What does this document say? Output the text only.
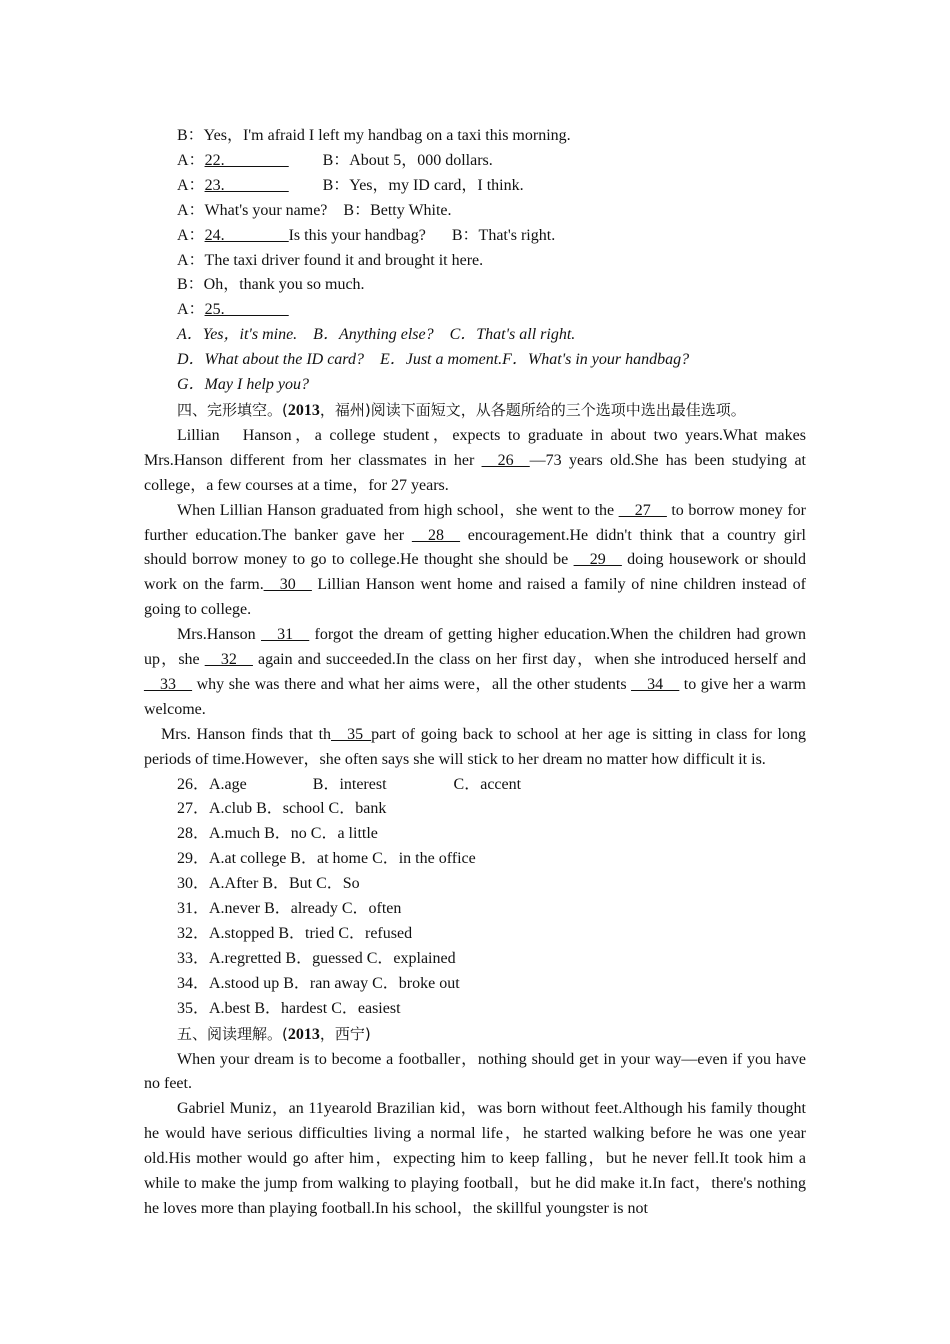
B：Yes，I'm afraid I left my handbag on a taxi this morning.

A：22.________ B：About 5，000 dollars.

A：23.________ B：Yes，my ID card，I think.

A：What's your name?　B：Betty White.

A：24.________Is this your handbag? B：That's right.

A：The taxi driver found it and brought it here.

B：Oh，thank you so much.

A：25.________

A．Yes，it's mine.　B．Anything else?　C．That's all right.

D．What about the ID card?　E．Just a moment.F．What's in your handbag?

G．May I help you?

四、完形填空。(2013，福州)阅读下面短文，从各题所给的三个选项中选出最佳选项。

Lillian　Hanson，a college student，expects to graduate in about two years.What makes Mrs.Hanson different from her classmates in her __26__—73 years old.She has been studying at college，a few courses at a time，for 27 years.

When Lillian Hanson graduated from high school，she went to the __27__ to borrow money for further education.The banker gave her __28__ encouragement.He didn't think that a country girl should borrow money to go to college.He thought she should be __29__ doing housework or should work on the farm.__30__ Lillian Hanson went home and raised a family of nine children instead of going to college.

Mrs.Hanson __31__ forgot the dream of getting higher education.When the children had grown up，she __32__ again and succeeded.In the class on her first day，when she introduced herself and __33__ why she was there and what her aims were，all the other students __34__ to give her a warm welcome.

Mrs. Hanson finds that th__35_part of going back to school at her age is sitting in class for long periods of time.However，she often says she will stick to her dream no matter how difficult it is.

26．A.age	B．interest	C．accent

27．A.club B．school C．bank

28．A.much B．no C．a little

29．A.at college B．at home C．in the office

30．A.After B．But C．So

31．A.never B．already C．often

32．A.stopped B．tried C．refused

33．A.regretted B．guessed C．explained

34．A.stood up B．ran away C．broke out

35．A.best B．hardest C．easiest

五、阅读理解。(2013，西宁)

When your dream is to become a footballer，nothing should get in your way—even if you have no feet.

Gabriel Muniz，an 11yearold Brazilian kid，was born without feet.Although his family thought he would have serious difficulties living a normal life，he started walking before he was one year old.His mother would go after him，expecting him to keep falling，but he never fell.It took him a while to make the jump from walking to playing football，but he did make it.In fact，there's nothing he loves more than playing football.In his school，the skillful youngster is not
